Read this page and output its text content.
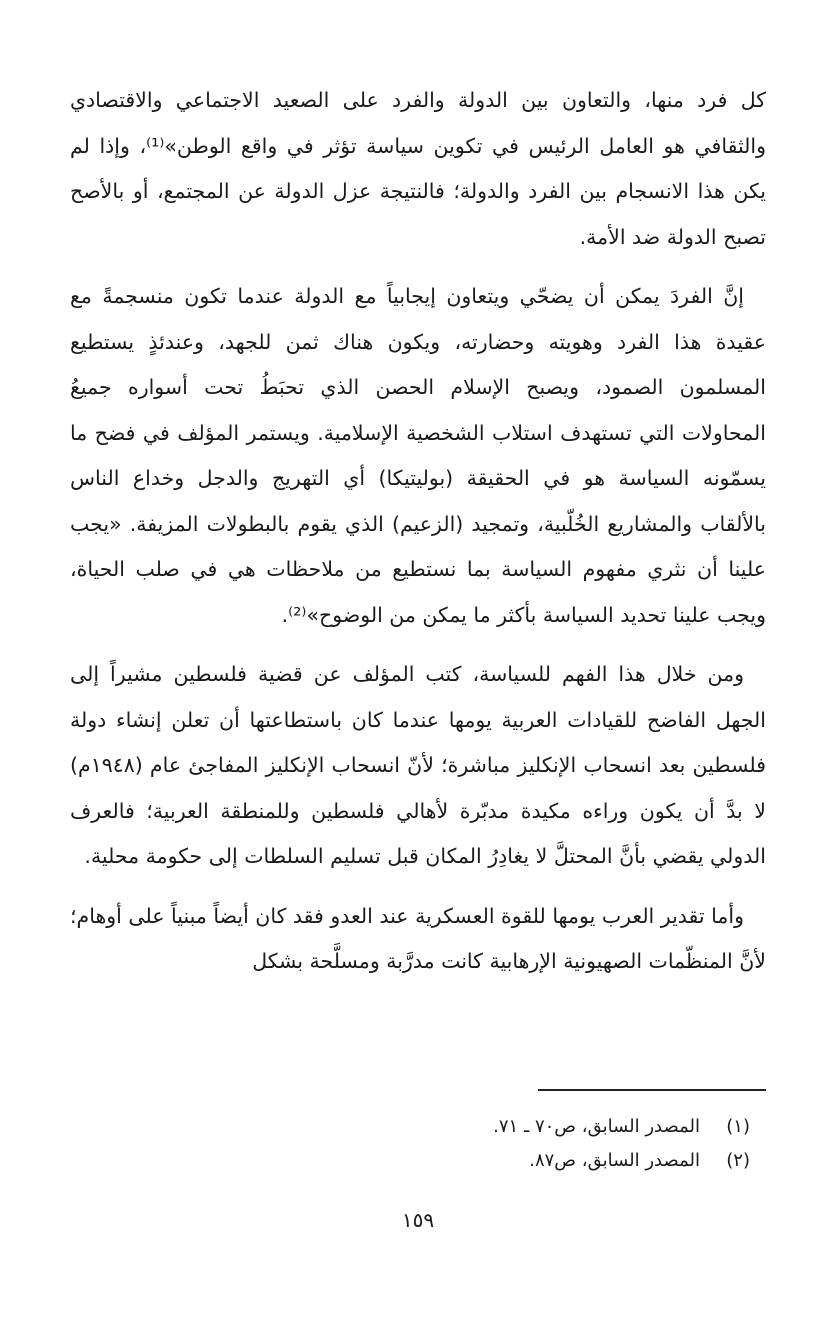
كل فرد منها، والتعاون بين الدولة والفرد على الصعيد الاجتماعي والاقتصادي والثقافي هو العامل الرئيس في تكوين سياسة تؤثر في واقع الوطن»⁽¹⁾، وإذا لم يكن هذا الانسجام بين الفرد والدولة؛ فالنتيجة عزل الدولة عن المجتمع، أو بالأصح تصبح الدولة ضد الأمة.

إنَّ الفردَ يمكن أن يضحّي ويتعاون إيجابياً مع الدولة عندما تكون منسجمةً مع عقيدة هذا الفرد وهويته وحضارته، ويكون هناك ثمن للجهد، وعندئذٍ يستطيع المسلمون الصمود، ويصبح الإسلام الحصن الذي تحبَطُ تحت أسواره جميعُ المحاولات التي تستهدف استلاب الشخصية الإسلامية. ويستمر المؤلف في فضح ما يسمّونه السياسة هو في الحقيقة (بوليتيكا) أي التهريج والدجل وخداع الناس بالألقاب والمشاريع الخُلّبية، وتمجيد (الزعيم) الذي يقوم بالبطولات المزيفة. «يجب علينا أن نثري مفهوم السياسة بما نستطيع من ملاحظات هي في صلب الحياة، ويجب علينا تحديد السياسة بأكثر ما يمكن من الوضوح»⁽²⁾.

ومن خلال هذا الفهم للسياسة، كتب المؤلف عن قضية فلسطين مشيراً إلى الجهل الفاضح للقيادات العربية يومها عندما كان باستطاعتها أن تعلن إنشاء دولة فلسطين بعد انسحاب الإنكليز مباشرة؛ لأنّ انسحاب الإنكليز المفاجئ عام (١٩٤٨م) لا بدَّ أن يكون وراءه مكيدة مدبّرة لأهالي فلسطين وللمنطقة العربية؛ فالعرف الدولي يقضي بأنَّ المحتلَّ لا يغادِرُ المكان قبل تسليم السلطات إلى حكومة محلية.

وأما تقدير العرب يومها للقوة العسكرية عند العدو فقد كان أيضاً مبنياً على أوهام؛ لأنَّ المنظّمات الصهيونية الإرهابية كانت مدرَّبة ومسلَّحة بشكل

(١)
المصدر السابق، ص٧٠ ـ ٧١.
(٢)
المصدر السابق، ص٨٧.
١٥٩
